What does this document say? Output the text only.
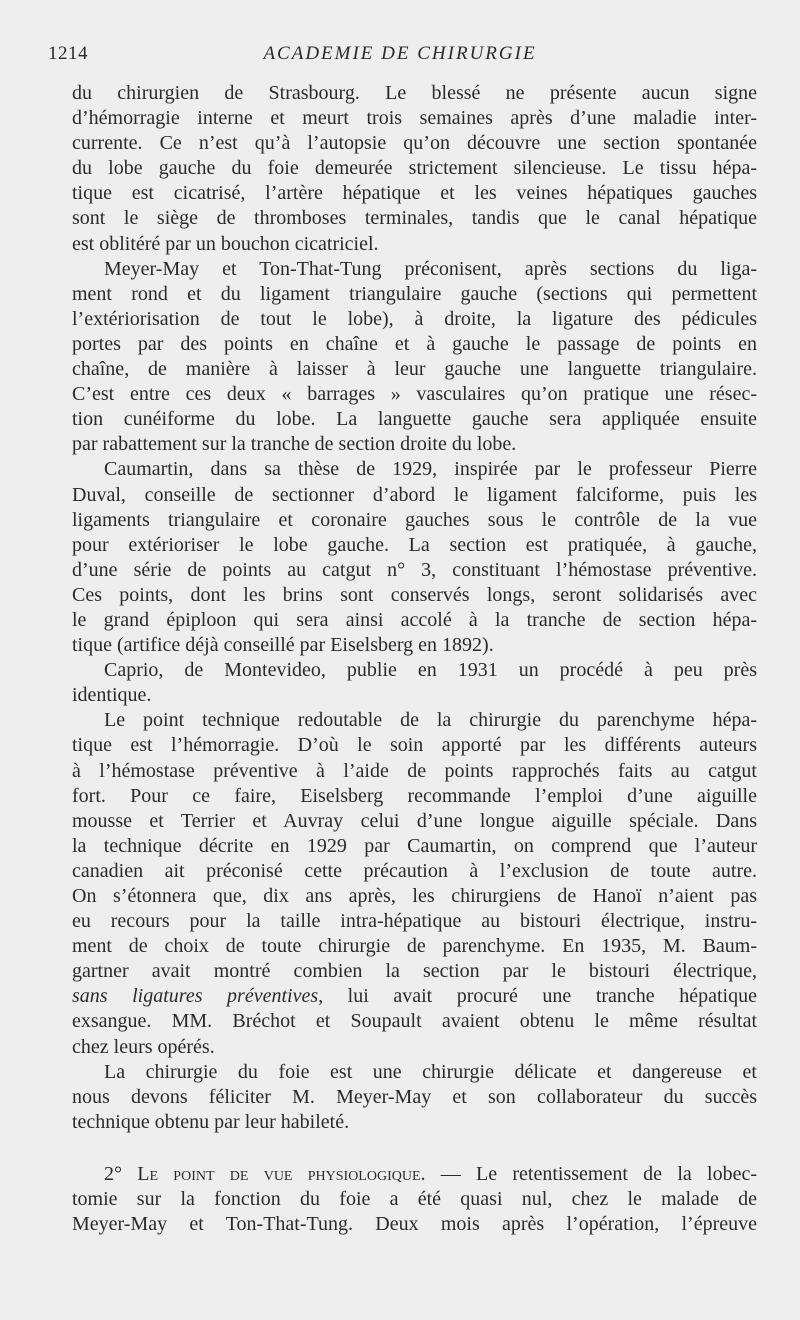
1214	ACADEMIE DE CHIRURGIE
du chirurgien de Strasbourg. Le blessé ne présente aucun signe
d’hémorragie interne et meurt trois semaines après d’une maladie inter-
currente. Ce n’est qu’à l’autopsie qu’on découvre une section spontanée
du lobe gauche du foie demeurée strictement silencieuse. Le tissu hépa-
tique est cicatrisé, l’artère hépatique et les veines hépatiques gauches
sont le siège de thromboses terminales, tandis que le canal hépatique
est oblitéré par un bouchon cicatriciel.
Meyer-May et Ton-That-Tung préconisent, après sections du liga-
ment rond et du ligament triangulaire gauche (sections qui permettent
l’extériorisation de tout le lobe), à droite, la ligature des pédicules
portes par des points en chaîne et à gauche le passage de points en
chaîne, de manière à laisser à leur gauche une languette triangulaire.
C’est entre ces deux « barrages » vasculaires qu’on pratique une résec-
tion cunéiforme du lobe. La languette gauche sera appliquée ensuite
par rabattement sur la tranche de section droite du lobe.
Caumartin, dans sa thèse de 1929, inspirée par le professeur Pierre
Duval, conseille de sectionner d’abord le ligament falciforme, puis les
ligaments triangulaire et coronaire gauches sous le contrôle de la vue
pour extérioriser le lobe gauche. La section est pratiquée, à gauche,
d’une série de points au catgut n° 3, constituant l’hémostase préventive.
Ces points, dont les brins sont conservés longs, seront solidarisés avec
le grand épiploon qui sera ainsi accolé à la tranche de section hépa-
tique (artifice déjà conseillé par Eiselsberg en 1892).
Caprio, de Montevideo, publie en 1931 un procédé à peu près
identique.
Le point technique redoutable de la chirurgie du parenchyme hépa-
tique est l’hémorragie. D’où le soin apporté par les différents auteurs
à l’hémostase préventive à l’aide de points rapprochés faits au catgut
fort. Pour ce faire, Eiselsberg recommande l’emploi d’une aiguille
mousse et Terrier et Auvray celui d’une longue aiguille spéciale. Dans
la technique décrite en 1929 par Caumartin, on comprend que l’auteur
canadien ait préconisé cette précaution à l’exclusion de toute autre.
On s’étonnera que, dix ans après, les chirurgiens de Hanoï n’aient pas
eu recours pour la taille intra-hépatique au bistouri électrique, instru-
ment de choix de toute chirurgie de parenchyme. En 1935, M. Baum-
gartner avait montré combien la section par le bistouri électrique,
sans ligatures préventives, lui avait procuré une tranche hépatique
exsangue. MM. Bréchot et Soupault avaient obtenu le même résultat
chez leurs opérés.
La chirurgie du foie est une chirurgie délicate et dangereuse et
nous devons féliciter M. Meyer-May et son collaborateur du succès
technique obtenu par leur habileté.
2° Le point de vue physiologique. — Le retentissement de la lobec-
tomie sur la fonction du foie a été quasi nul, chez le malade de
Meyer-May et Ton-That-Tung. Deux mois après l’opération, l’épreuve
